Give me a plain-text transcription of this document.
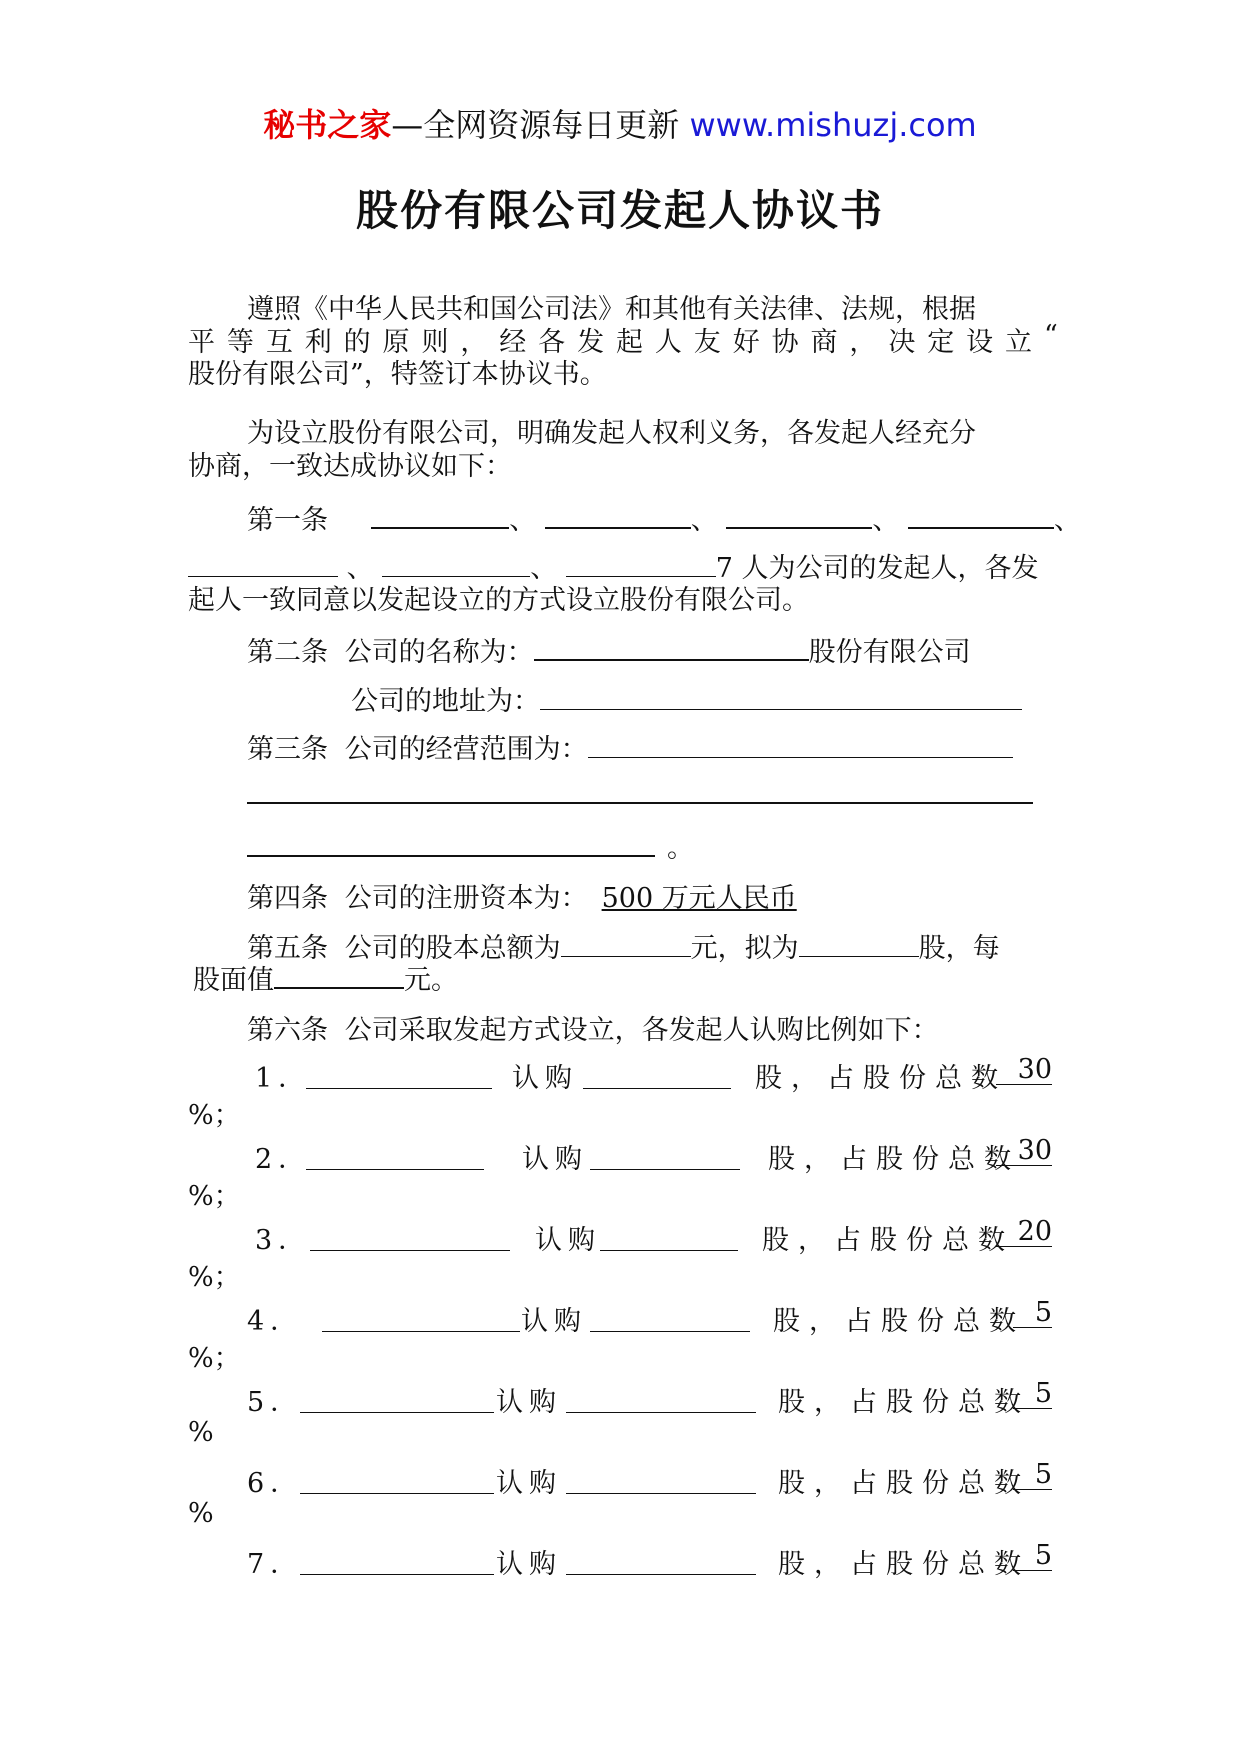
秘书之家—全网资源每日更新 www.mishuzj.com
股份有限公司发起人协议书
遵照《中华人民共和国公司法》和其他有关法律、法规，根据
平 等 互 利 的 原 则 ， 经 各 发 起 人 友 好 协 商 ， 决 定 设 立 “
股份有限公司”，特签订本协议书。
为设立股份有限公司，明确发起人权利义务，各发起人经充分
协商，一致达成协议如下：
第一条	、	、	、	、
、	、	7 人为公司的发起人，各发
起人一致同意以发起设立的方式设立股份有限公司。
第二条 公司的名称为：	股份有限公司
公司的地址为：
第三条 公司的经营范围为：
。
第四条 公司的注册资本为： 500 万元人民币
第五条 公司的股本总额为	元，拟为	股，每
股面值	元。
第六条 公司采取发起方式设立，各发起人认购比例如下：
1．	认购	股，占股份总数 30
%；
2．	认购	股，占股份总数
30
%；
3．	认购	股，占股份总数 20
%；
4．	认购	股，占股份总数 5
%；
5．	认购	股，占股份总数 5
%
6．	认购	股，占股份总数 5
%
7．	认购	股，占股份总数 5
